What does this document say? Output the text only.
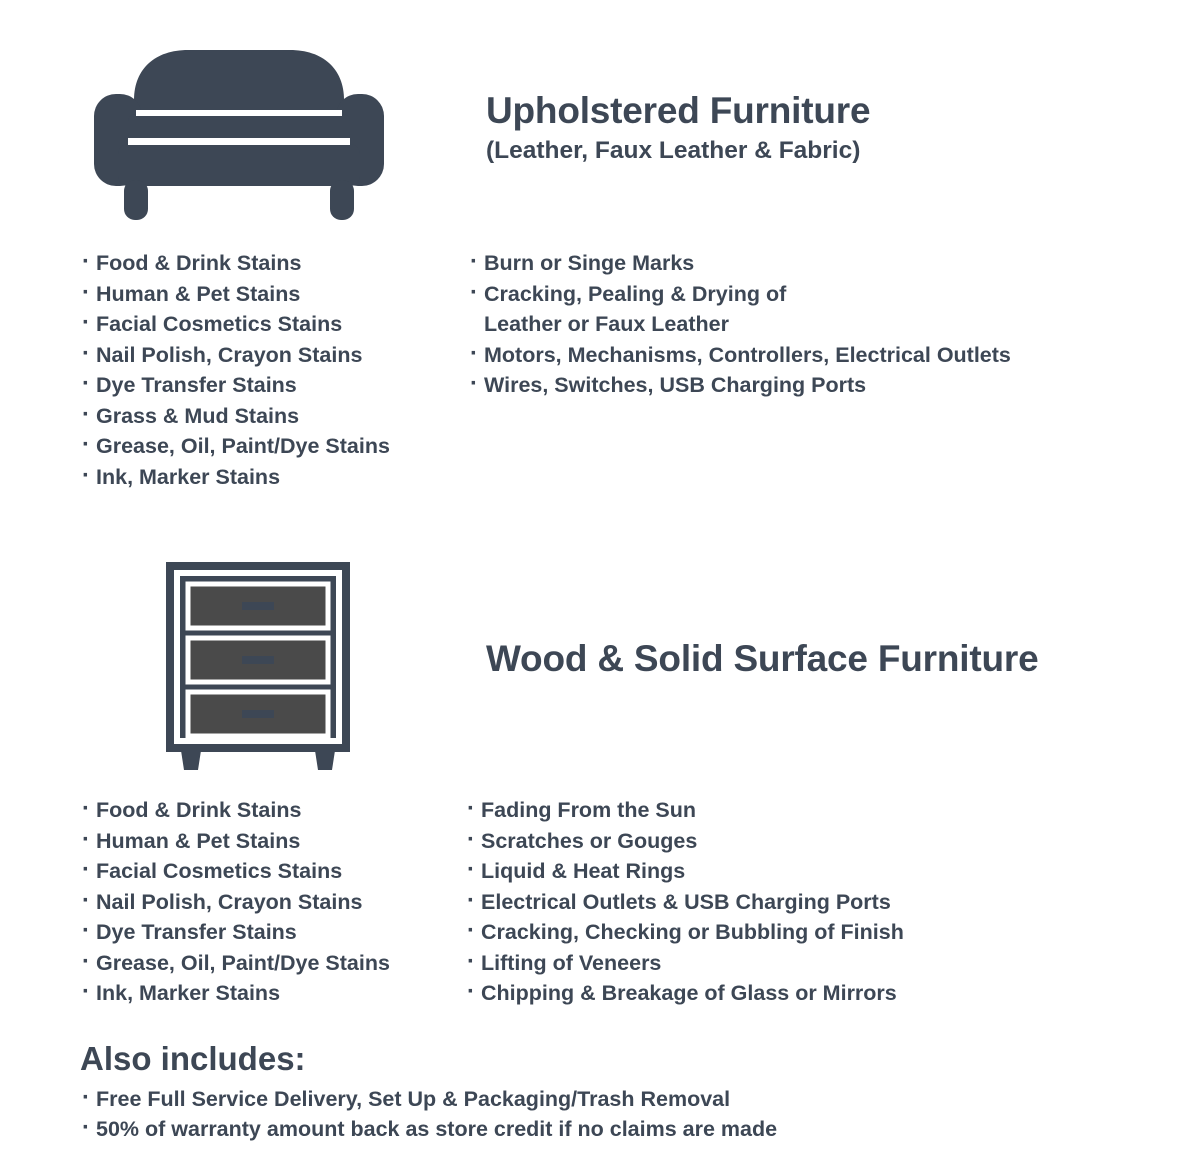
Upholstered Furniture
(Leather, Faux Leather & Fabric)
· Food & Drink Stains
· Human & Pet Stains
· Facial Cosmetics Stains
· Nail Polish, Crayon Stains
· Dye Transfer Stains
· Grass & Mud Stains
· Grease, Oil, Paint/Dye Stains
· Ink, Marker Stains
· Burn or Singe Marks
· Cracking, Pealing & Drying of
Leather or Faux Leather
· Motors, Mechanisms, Controllers, Electrical Outlets
· Wires, Switches, USB Charging Ports
Wood & Solid Surface Furniture
· Food & Drink Stains
· Human & Pet Stains
· Facial Cosmetics Stains
· Nail Polish, Crayon Stains
· Dye Transfer Stains
· Grease, Oil, Paint/Dye Stains
· Ink, Marker Stains
· Fading From the Sun
· Scratches or Gouges
· Liquid & Heat Rings
· Electrical Outlets & USB Charging Ports
· Cracking, Checking or Bubbling of Finish
· Lifting of Veneers
· Chipping & Breakage of Glass or Mirrors
Also includes:
· Free Full Service Delivery, Set Up & Packaging/Trash Removal
· 50% of warranty amount back as store credit if no claims are made
